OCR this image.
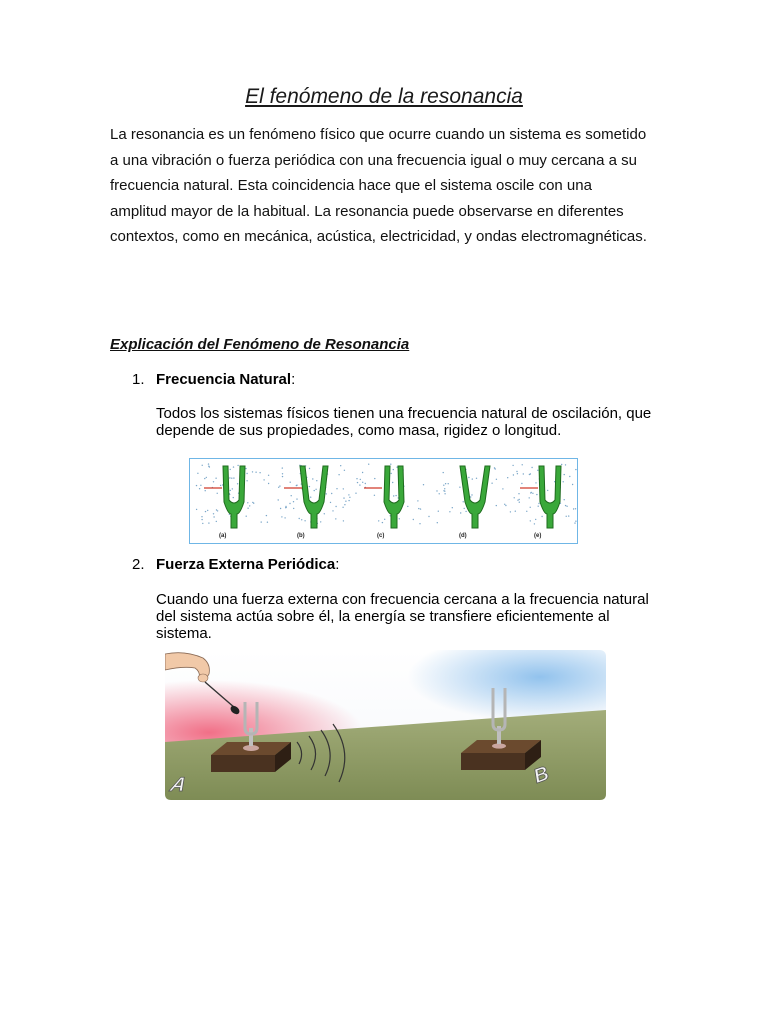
El fenómeno de la resonancia
La resonancia es un fenómeno físico que ocurre cuando un sistema es sometido a una vibración o fuerza periódica con una frecuencia igual o muy cercana a su frecuencia natural. Esta coincidencia hace que el sistema oscile con una amplitud mayor de la habitual. La resonancia puede observarse en diferentes contextos, como en mecánica, acústica, electricidad, y ondas electromagnéticas.
Explicación del Fenómeno de Resonancia
1. Frecuencia Natural:
Todos los sistemas físicos tienen una frecuencia natural de oscilación, que depende de sus propiedades, como masa, rigidez o longitud.
(a)	(b)	(c)	(d)	(e)
2. Fuerza Externa Periódica:
Cuando una fuerza externa con frecuencia cercana a la frecuencia natural del sistema actúa sobre él, la energía se transfiere eficientemente al sistema.
A	B
